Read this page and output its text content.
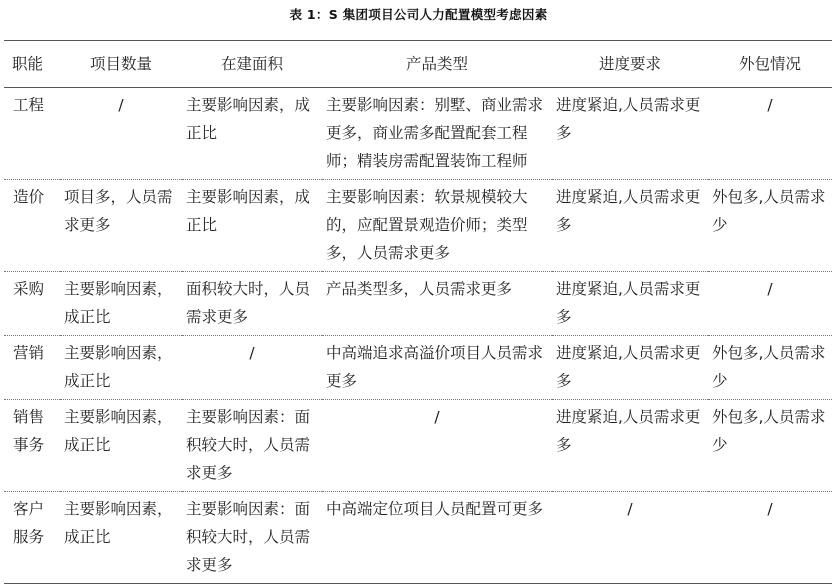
表 1：S 集团项目公司人力配置模型考虑因素
职能	项目数量	在建面积	产品类型	进度要求	外包情况
工程	/	主要影响因素，成正比	主要影响因素：别墅、商业需求更多，商业需多配置配套工程师；精装房需配置装饰工程师	进度紧迫,人员需求更多	/
造价	项目多，人员需求更多	主要影响因素，成正比	主要影响因素：软景规模较大的，应配置景观造价师；类型多，人员需求更多	进度紧迫,人员需求更多	外包多,人员需求少
采购	主要影响因素，成正比	面积较大时，人员需求更多	产品类型多，人员需求更多	进度紧迫,人员需求更多	/
营销	主要影响因素，成正比	/	中高端追求高溢价项目人员需求更多	进度紧迫,人员需求更多	外包多,人员需求少
销售事务	主要影响因素，成正比	主要影响因素：面积较大时，人员需求更多	/	进度紧迫,人员需求更多	外包多,人员需求少
客户服务	主要影响因素，成正比	主要影响因素：面积较大时，人员需求更多	中高端定位项目人员配置可更多	/	/
